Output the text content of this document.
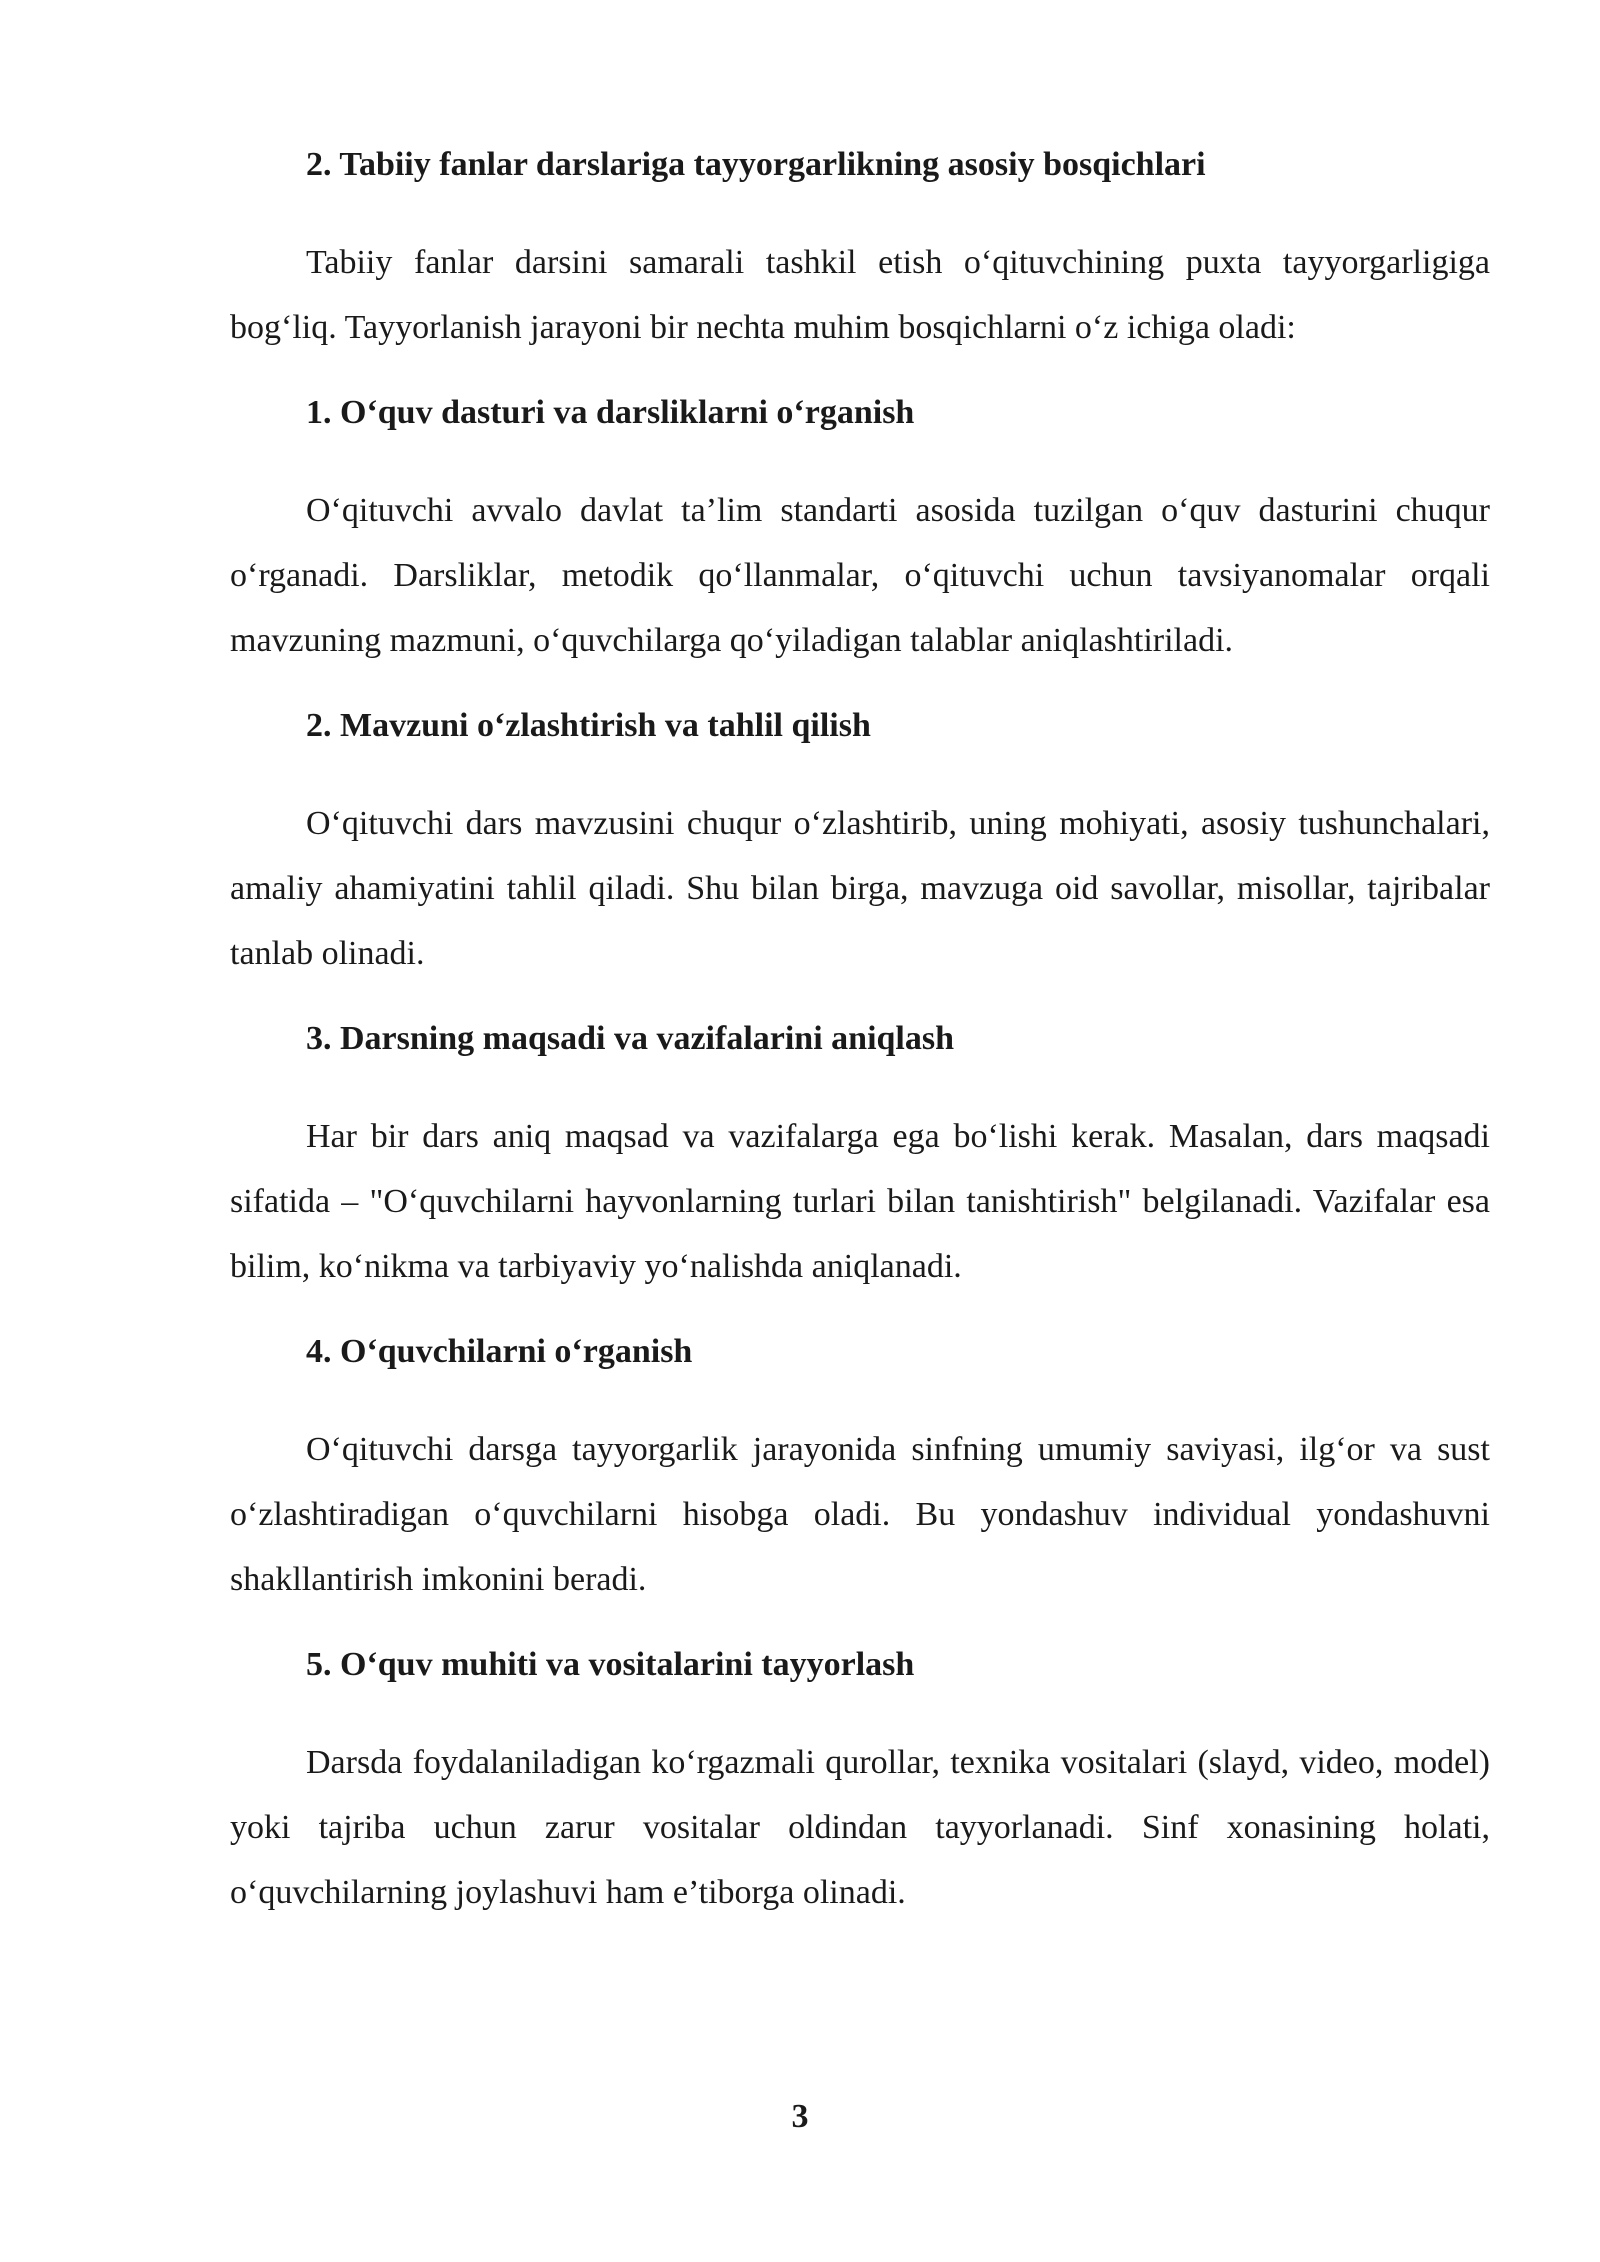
2. Tabiiy fanlar darslariga tayyorgarlikning asosiy bosqichlari

Tabiiy fanlar darsini samarali tashkil etish o‘qituvchining puxta tayyorgarligiga bog‘liq. Tayyorlanish jarayoni bir nechta muhim bosqichlarni o‘z ichiga oladi:

1. O‘quv dasturi va darsliklarni o‘rganish

O‘qituvchi avvalo davlat ta’lim standarti asosida tuzilgan o‘quv dasturini chuqur o‘rganadi. Darsliklar, metodik qo‘llanmalar, o‘qituvchi uchun tavsiyanomalar orqali mavzuning mazmuni, o‘quvchilarga qo‘yiladigan talablar aniqlashtiriladi.

2. Mavzuni o‘zlashtirish va tahlil qilish

O‘qituvchi dars mavzusini chuqur o‘zlashtirib, uning mohiyati, asosiy tushunchalari, amaliy ahamiyatini tahlil qiladi. Shu bilan birga, mavzuga oid savollar, misollar, tajribalar tanlab olinadi.

3. Darsning maqsadi va vazifalarini aniqlash

Har bir dars aniq maqsad va vazifalarga ega bo‘lishi kerak. Masalan, dars maqsadi sifatida – "O‘quvchilarni hayvonlarning turlari bilan tanishtirish" belgilanadi. Vazifalar esa bilim, ko‘nikma va tarbiyaviy yo‘nalishda aniqlanadi.

4. O‘quvchilarni o‘rganish

O‘qituvchi darsga tayyorgarlik jarayonida sinfning umumiy saviyasi, ilg‘or va sust o‘zlashtiradigan o‘quvchilarni hisobga oladi. Bu yondashuv individual yondashuvni shakllantirish imkonini beradi.

5. O‘quv muhiti va vositalarini tayyorlash

Darsda foydalaniladigan ko‘rgazmali qurollar, texnika vositalari (slayd, video, model) yoki tajriba uchun zarur vositalar oldindan tayyorlanadi. Sinf xonasining holati, o‘quvchilarning joylashuvi ham e’tiborga olinadi.

3
